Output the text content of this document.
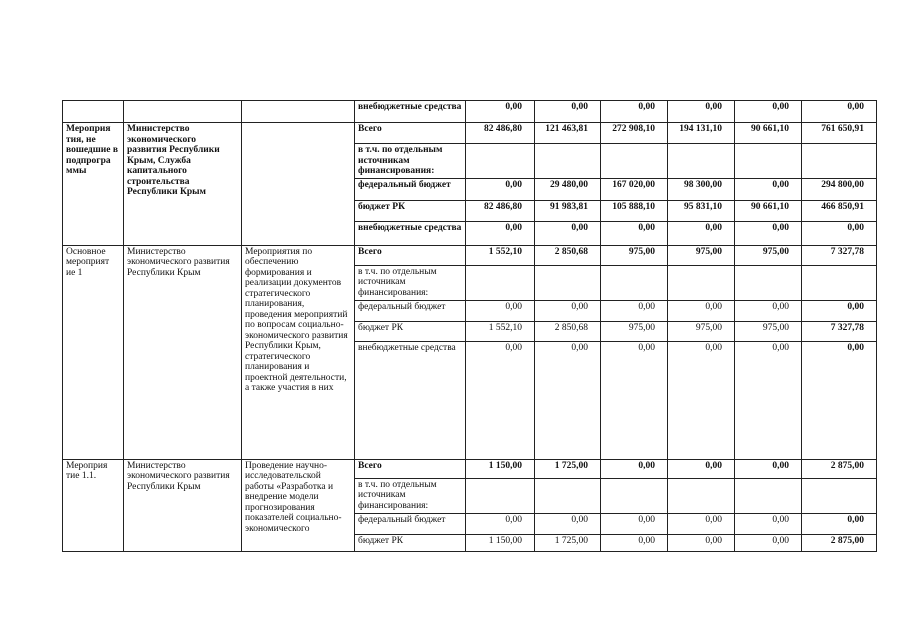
			внебюджетные средства	0,00	0,00	0,00	0,00	0,00	0,00
Мероприя тия, не вошедшие в подпрогра ммы	Министерство экономического развития Республики Крым, Служба капитального строительства Республики Крым		Всего	82 486,80	121 463,81	272 908,10	194 131,10	90 661,10	761 650,91
			в т.ч. по отдельным источникам финансирования:						
			федеральный бюджет	0,00	29 480,00	167 020,00	98 300,00	0,00	294 800,00
			бюджет РК	82 486,80	91 983,81	105 888,10	95 831,10	90 661,10	466 850,91
			внебюджетные средства	0,00	0,00	0,00	0,00	0,00	0,00
Основное мероприят ие 1	Министерство экономического развития Республики Крым	Мероприятия по обеспечению формирования и реализации документов стратегического планирования, проведения мероприятий по вопросам социально-экономического развития Республики Крым, стратегического планирования и проектной деятельности, а также участия в них	Всего	1 552,10	2 850,68	975,00	975,00	975,00	7 327,78
			в т.ч. по отдельным источникам финансирования:						
			федеральный бюджет	0,00	0,00	0,00	0,00	0,00	0,00
			бюджет РК	1 552,10	2 850,68	975,00	975,00	975,00	7 327,78
			внебюджетные средства	0,00	0,00	0,00	0,00	0,00	0,00
Мероприя тие 1.1.	Министерство экономического развития Республики Крым	Проведение научно-исследовательской работы «Разработка и внедрение модели прогнозирования показателей социально-экономического	Всего	1 150,00	1 725,00	0,00	0,00	0,00	2 875,00
			в т.ч. по отдельным источникам финансирования:						
			федеральный бюджет	0,00	0,00	0,00	0,00	0,00	0,00
			бюджет РК	1 150,00	1 725,00	0,00	0,00	0,00	2 875,00
